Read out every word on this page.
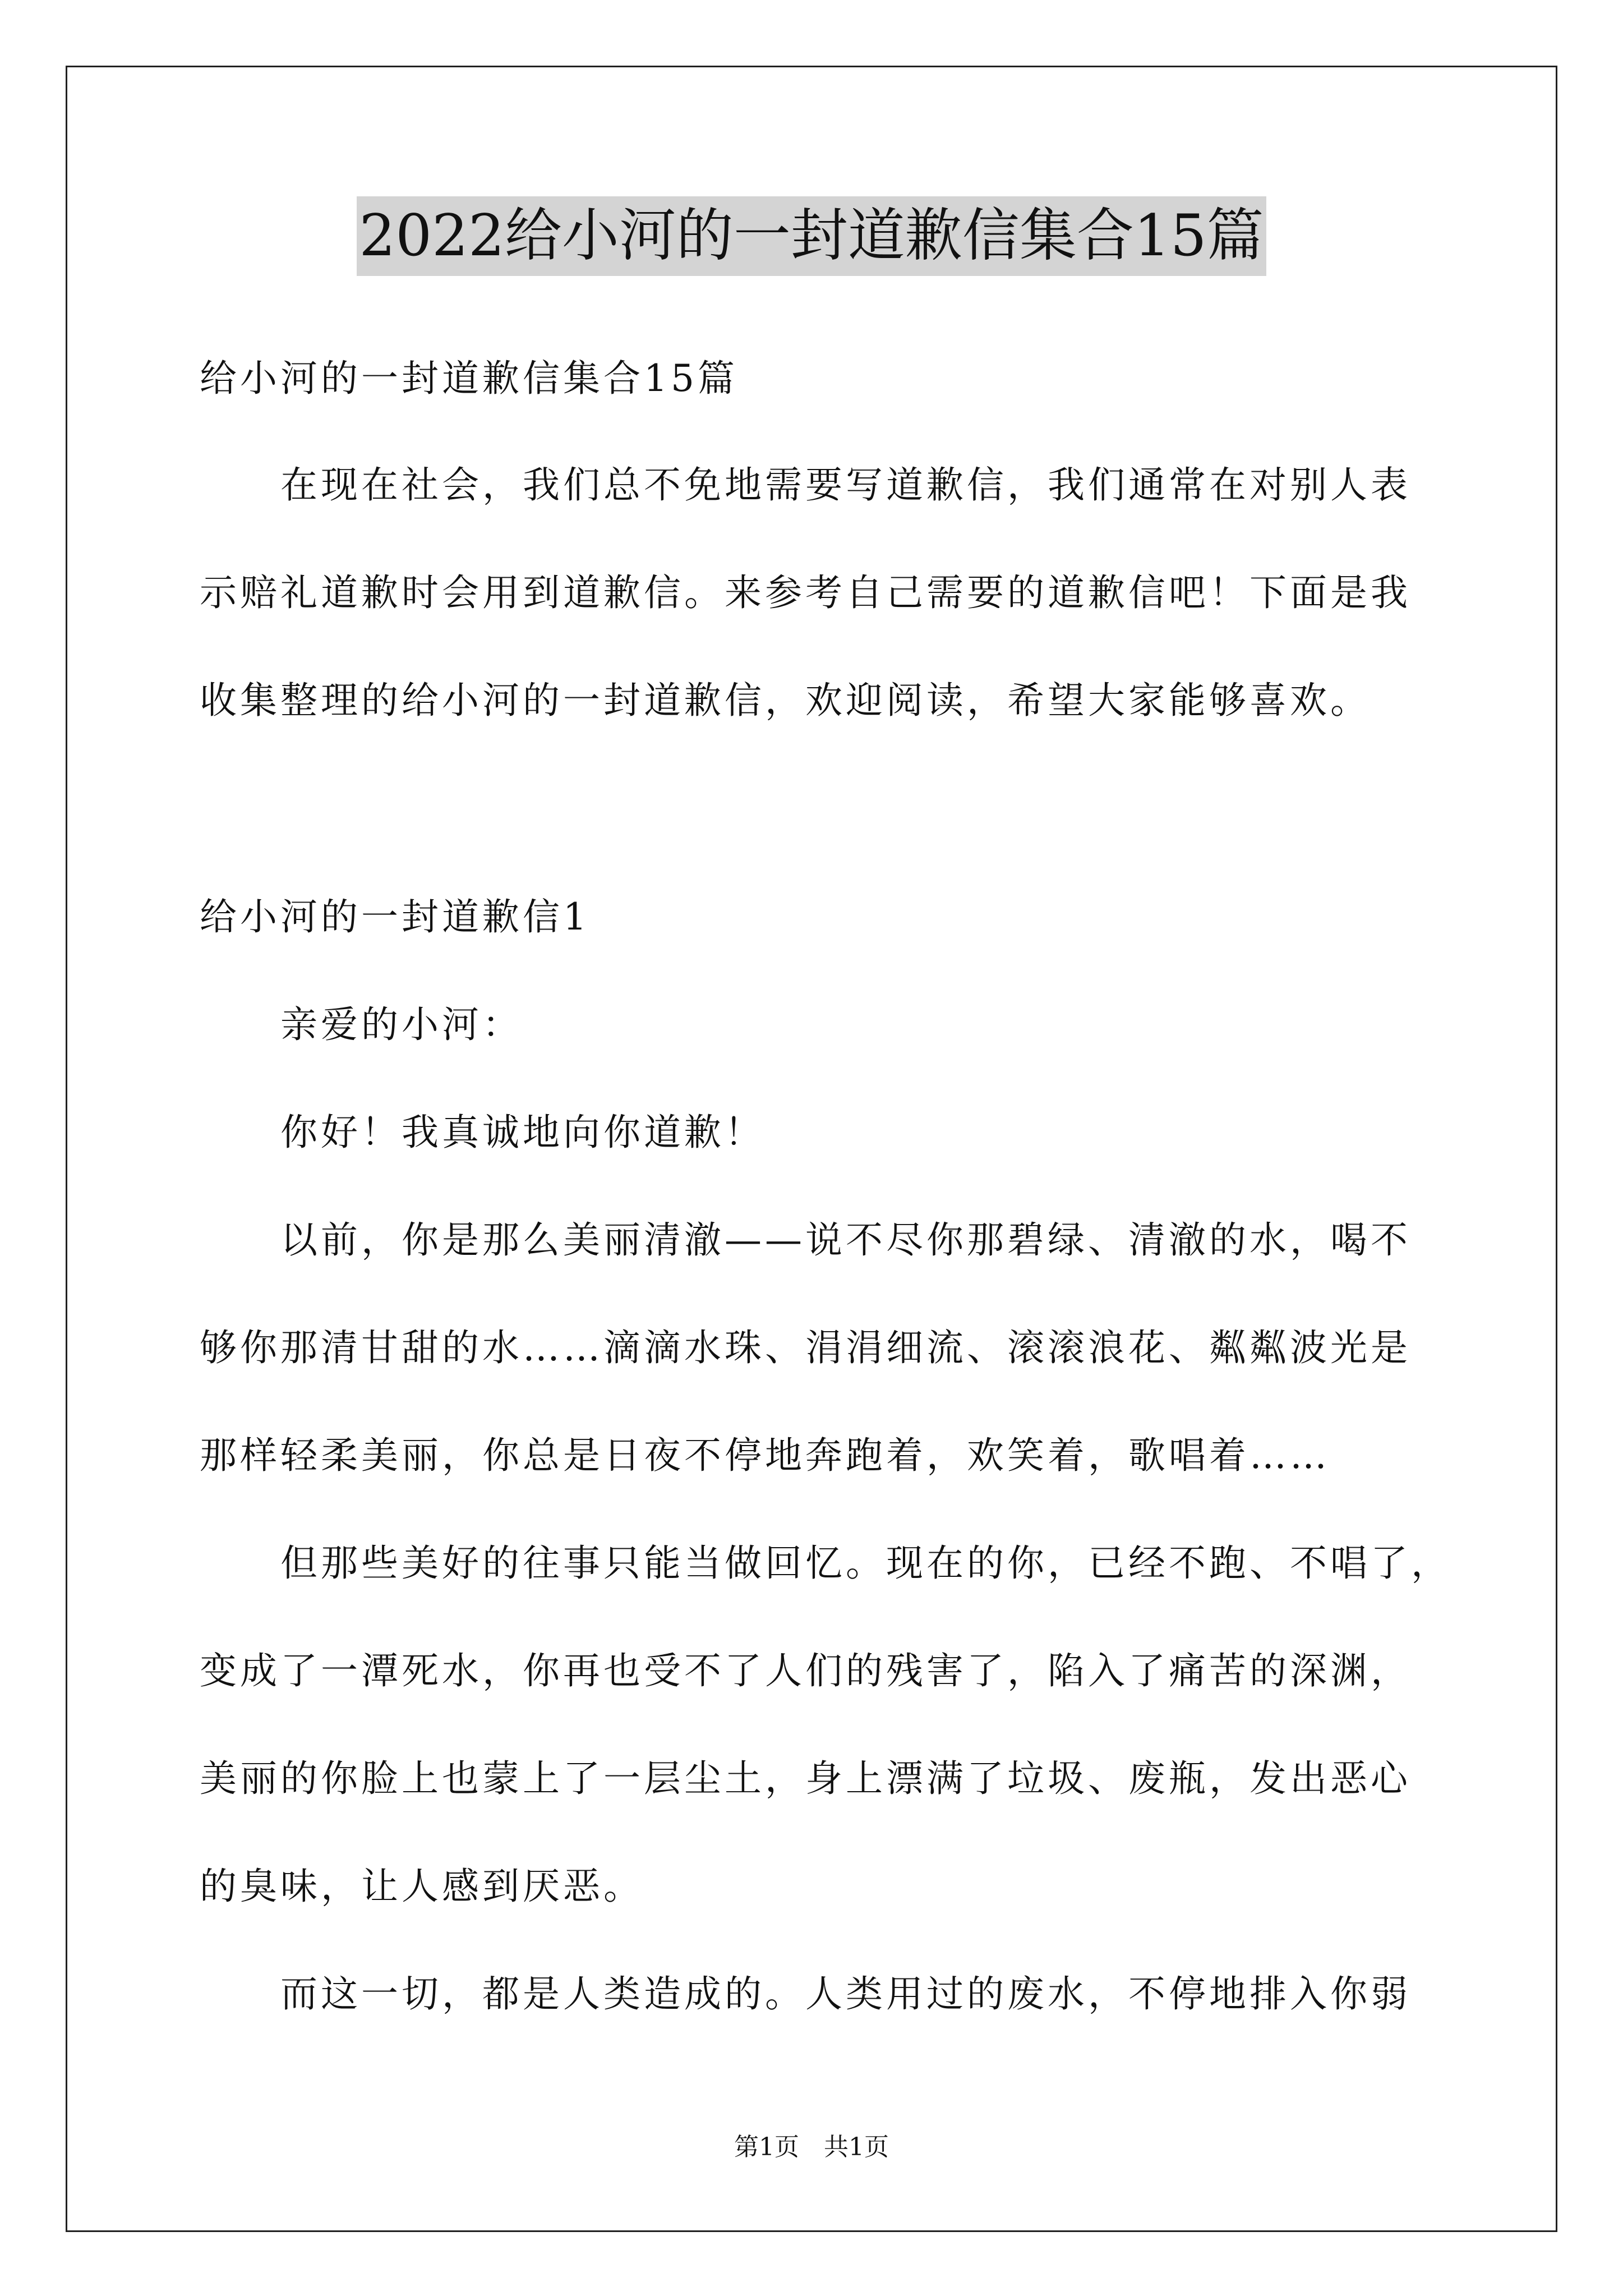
2022给小河的一封道歉信集合15篇
给小河的一封道歉信集合15篇
　　在现在社会，我们总不免地需要写道歉信，我们通常在对别人表
示赔礼道歉时会用到道歉信。来参考自己需要的道歉信吧！下面是我
收集整理的给小河的一封道歉信，欢迎阅读，希望大家能够喜欢。
给小河的一封道歉信1
　　亲爱的小河：
　　你好！我真诚地向你道歉！
　　以前，你是那么美丽清澈——说不尽你那碧绿、清澈的水，喝不
够你那清甘甜的水……滴滴水珠、涓涓细流、滚滚浪花、粼粼波光是
那样轻柔美丽，你总是日夜不停地奔跑着，欢笑着，歌唱着……
　　但那些美好的往事只能当做回忆。现在的你，已经不跑、不唱了，
变成了一潭死水，你再也受不了人们的残害了，陷入了痛苦的深渊，
美丽的你脸上也蒙上了一层尘土，身上漂满了垃圾、废瓶，发出恶心
的臭味，让人感到厌恶。
　　而这一切，都是人类造成的。人类用过的废水，不停地排入你弱
第1页　共1页
